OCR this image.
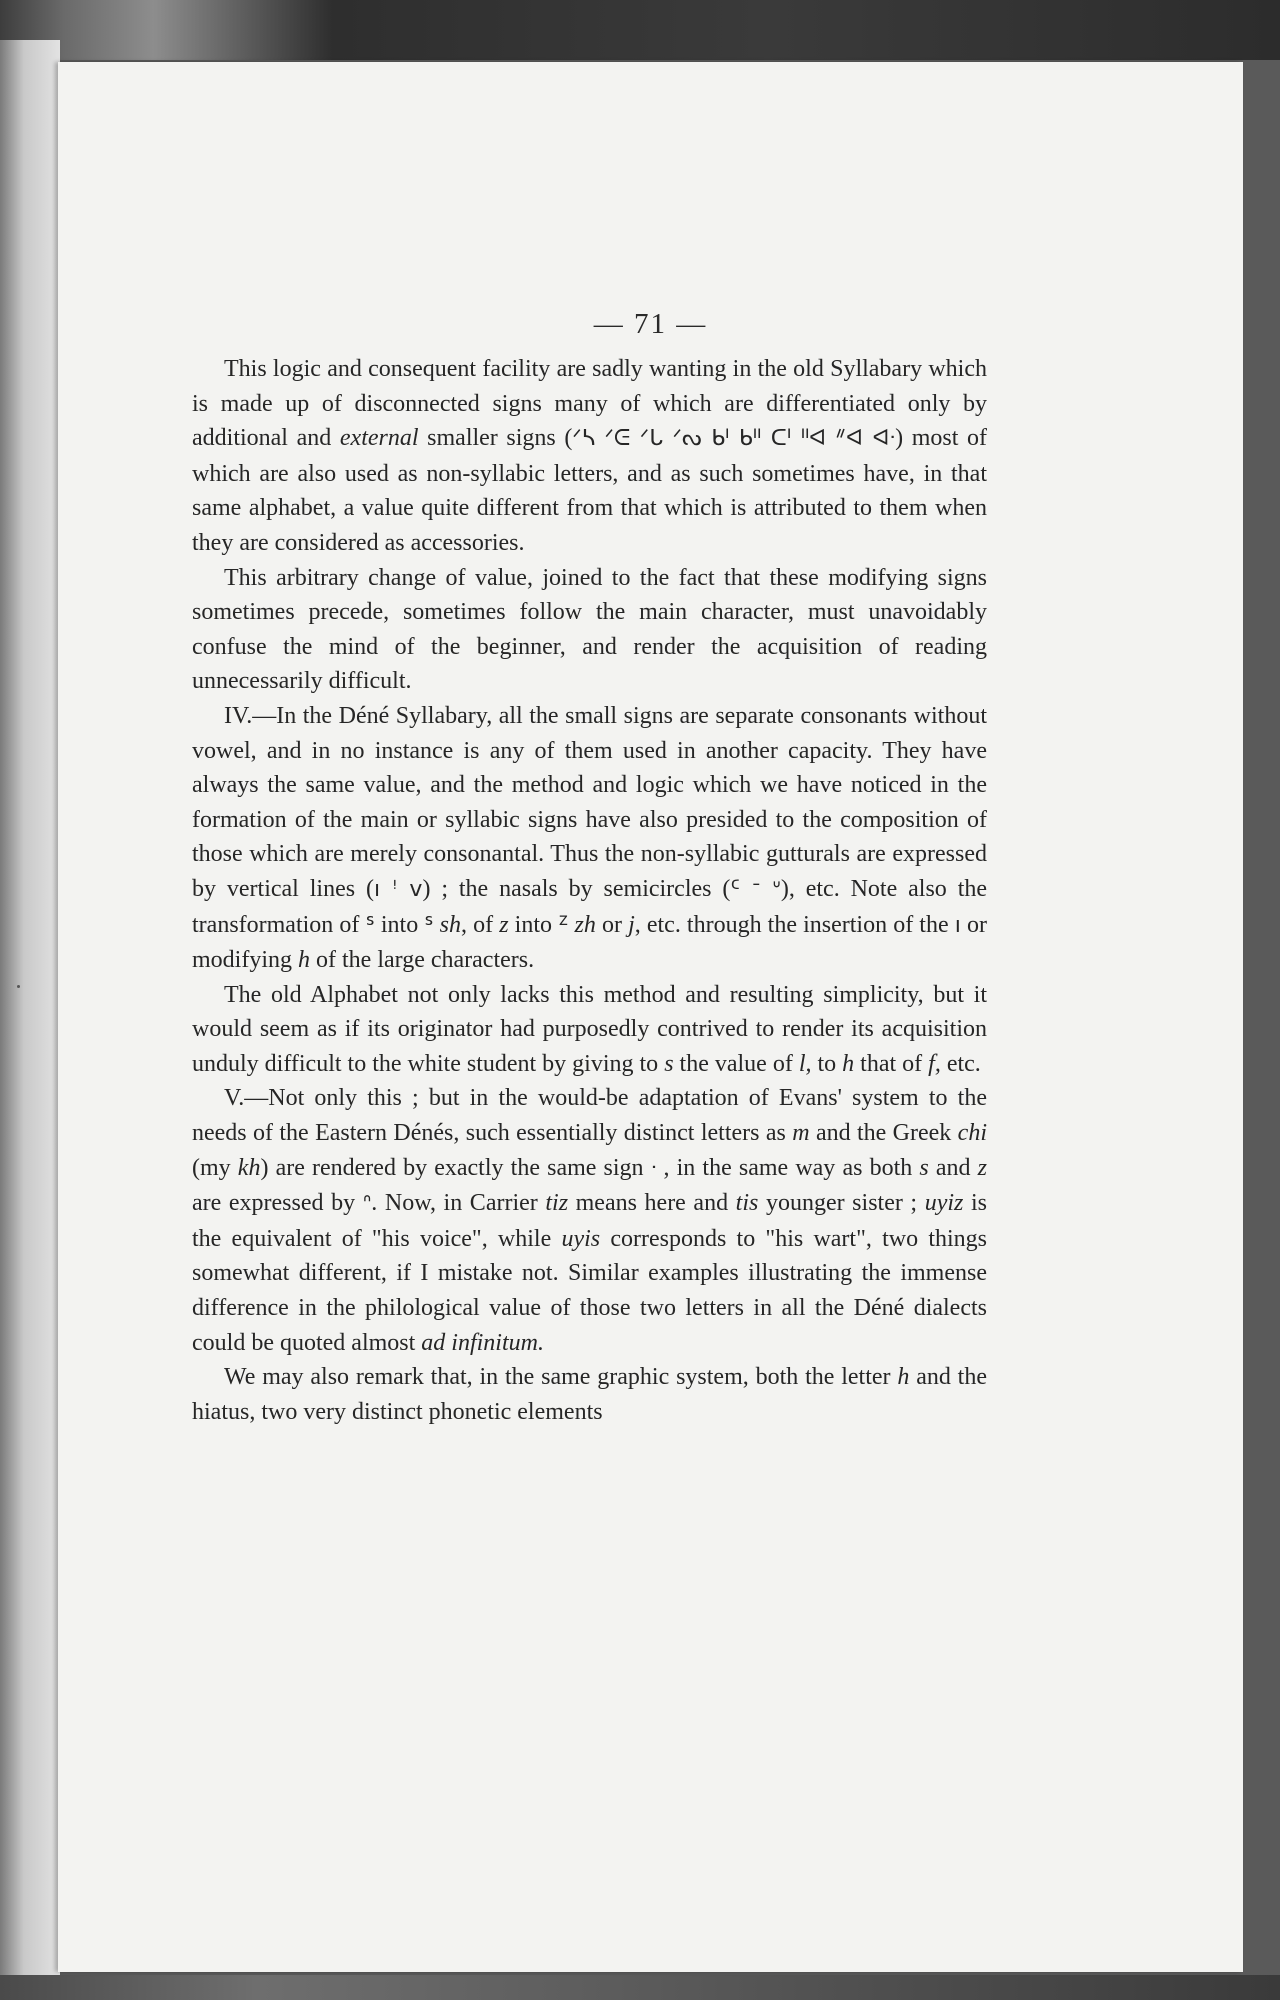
— 71 —

This logic and consequent facility are sadly wanting in the old Syllabary which is made up of disconnected signs many of which are differentiated only by additional and external smaller signs (ᐟᓴ ᐟᕮ ᐟᒐ ᐟᔓ ᑲᑊ ᑲᐦ ᑕᑊ ᐦᐊ ᐥᐊ ᐊᐧ) most of which are also used as non-syllabic letters, and as such sometimes have, in that same alphabet, a value quite different from that which is attributed to them when they are considered as accessories.

This arbitrary change of value, joined to the fact that these modifying signs sometimes precede, sometimes follow the main character, must unavoidably confuse the mind of the beginner, and render the acquisition of reading unnecessarily difficult.

IV.—In the Déné Syllabary, all the small signs are separate consonants without vowel, and in no instance is any of them used in another capacity. They have always the same value, and the method and logic which we have noticed in the formation of the main or syllabic signs have also presided to the composition of those which are merely consonantal. Thus the non-syllabic gutturals are expressed by vertical lines (ı ꜝ v) ; the nasals by semicircles (ᑦ ᐨ ᐡ), etc. Note also the transformation of ᔆ into ᔆ sh, of z into ᙆ zh or j, etc. through the insertion of the ı or modifying h of the large characters.

The old Alphabet not only lacks this method and resulting simplicity, but it would seem as if its originator had purposedly contrived to render its acquisition unduly difficult to the white student by giving to s the value of l, to h that of f, etc.

V.—Not only this ; but in the would-be adaptation of Evans' system to the needs of the Eastern Dénés, such essentially distinct letters as m and the Greek chi (my kh) are rendered by exactly the same sign ᐧ , in the same way as both s and z are expressed by ᐢ. Now, in Carrier tiz means here and tis younger sister ; uyiz is the equivalent of "his voice", while uyis corresponds to "his wart", two things somewhat different, if I mistake not. Similar examples illustrating the immense difference in the philological value of those two letters in all the Déné dialects could be quoted almost ad infinitum.

We may also remark that, in the same graphic system, both the letter h and the hiatus, two very distinct phonetic elements
